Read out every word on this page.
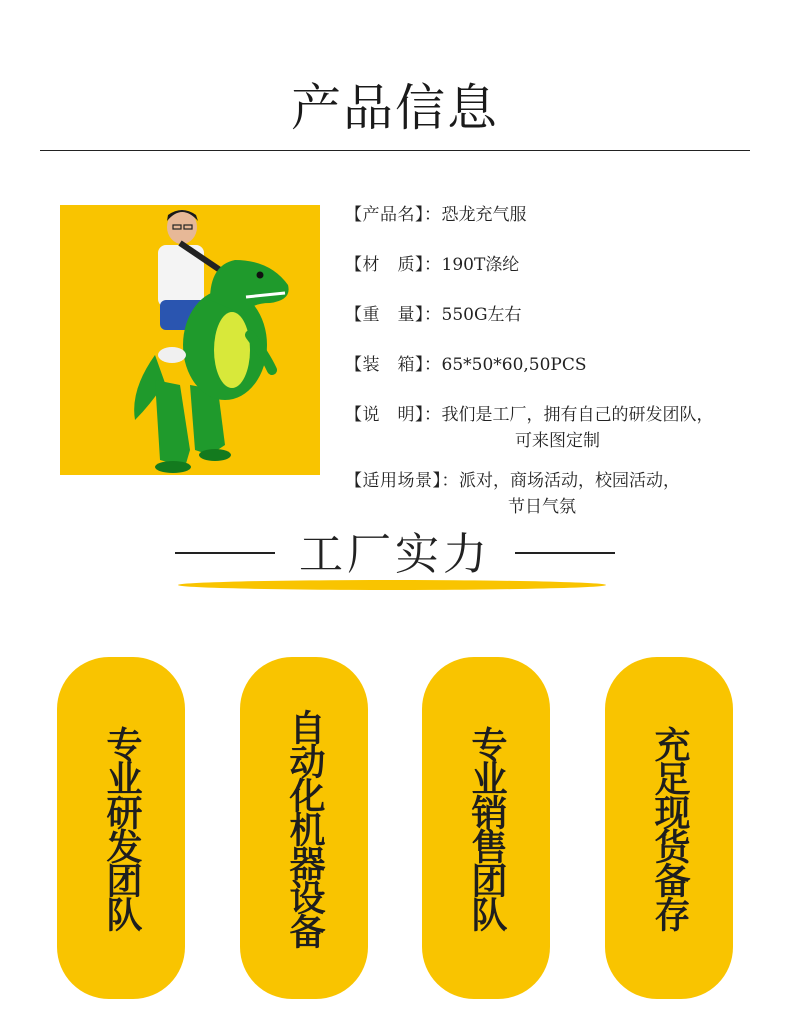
产品信息
【产品名】：恐龙充气服
【材　质】：190T涤纶
【重　量】：550G左右
【装　箱】：65*50*60,50PCS
【说　明】：我们是工厂，拥有自己的研发团队，
可来图定制
【适用场景】：派对，商场活动，校园活动，
节日气氛
工厂实力
专业研发团队	自动化机器设备	专业销售团队	充足现货备存
